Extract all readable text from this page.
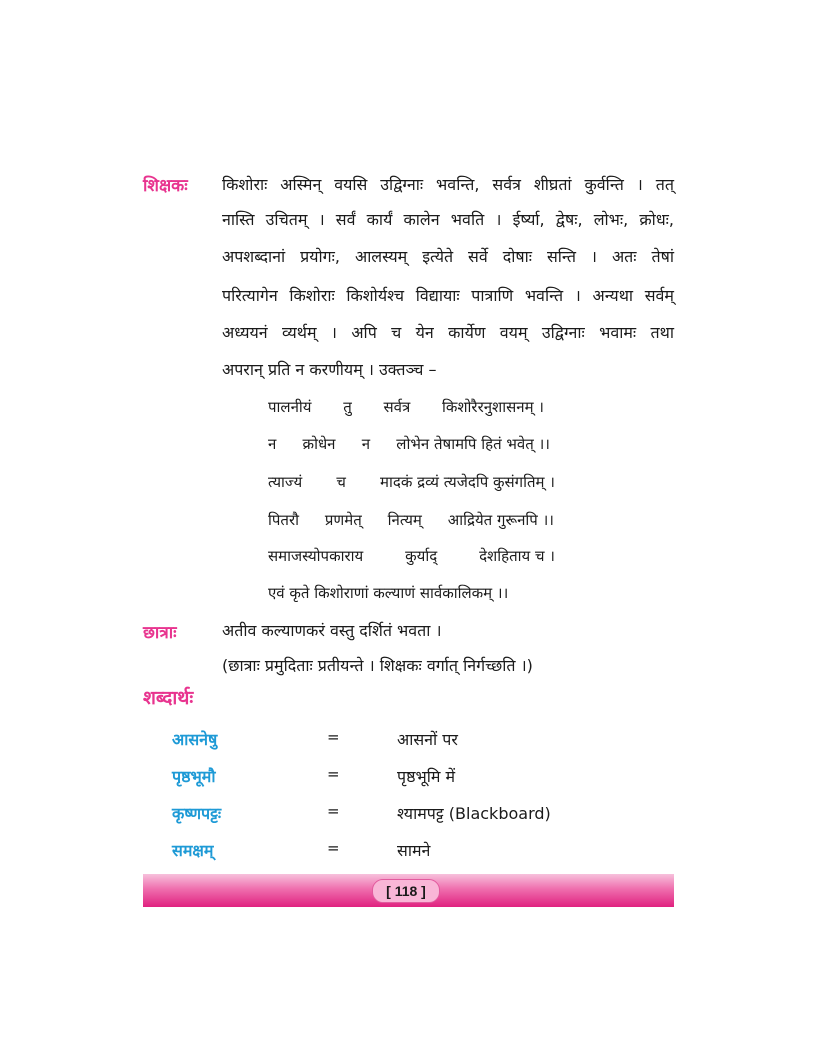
शिक्षकः किशोराः अस्मिन् वयसि उद्विग्नाः भवन्ति, सर्वत्र शीघ्रतां कुर्वन्ति । तत्
नास्ति उचितम् । सर्वं कार्यं कालेन भवति । ईर्ष्या, द्वेषः, लोभः, क्रोधः,
अपशब्दानां प्रयोगः, आलस्यम् इत्येते सर्वे दोषाः सन्ति । अतः तेषां
परित्यागेन किशोराः किशोर्यश्च विद्यायाः पात्राणि भवन्ति । अन्यथा सर्वम्
अध्ययनं व्यर्थम् । अपि च येन कार्येण वयम् उद्विग्नाः भवामः तथा
अपरान् प्रति न करणीयम् । उक्तञ्च –
पालनीयं तु सर्वत्र किशोरैरनुशासनम् ।
न क्रोधेन न लोभेन तेषामपि हितं भवेत् ।।
त्याज्यं च मादकं द्रव्यं त्यजेदपि कुसंगतिम् ।
पितरौ प्रणमेत् नित्यम् आद्रियेत गुरूनपि ।।
समाजस्योपकाराय	कुर्याद्	देशहिताय च ।
एवं कृते किशोराणां कल्याणं सार्वकालिकम् ।।
छात्राः	अतीव कल्याणकरं वस्तु दर्शितं भवता ।
(छात्राः प्रमुदिताः प्रतीयन्ते । शिक्षकः वर्गात् निर्गच्छति ।)
शब्दार्थः
आसनेषु	=	आसनों पर
पृष्ठभूमौ	=	पृष्ठभूमि में
कृष्णपट्टः	=	श्यामपट्ट (Blackboard)
समक्षम्	=	सामने
[ 118 ]
